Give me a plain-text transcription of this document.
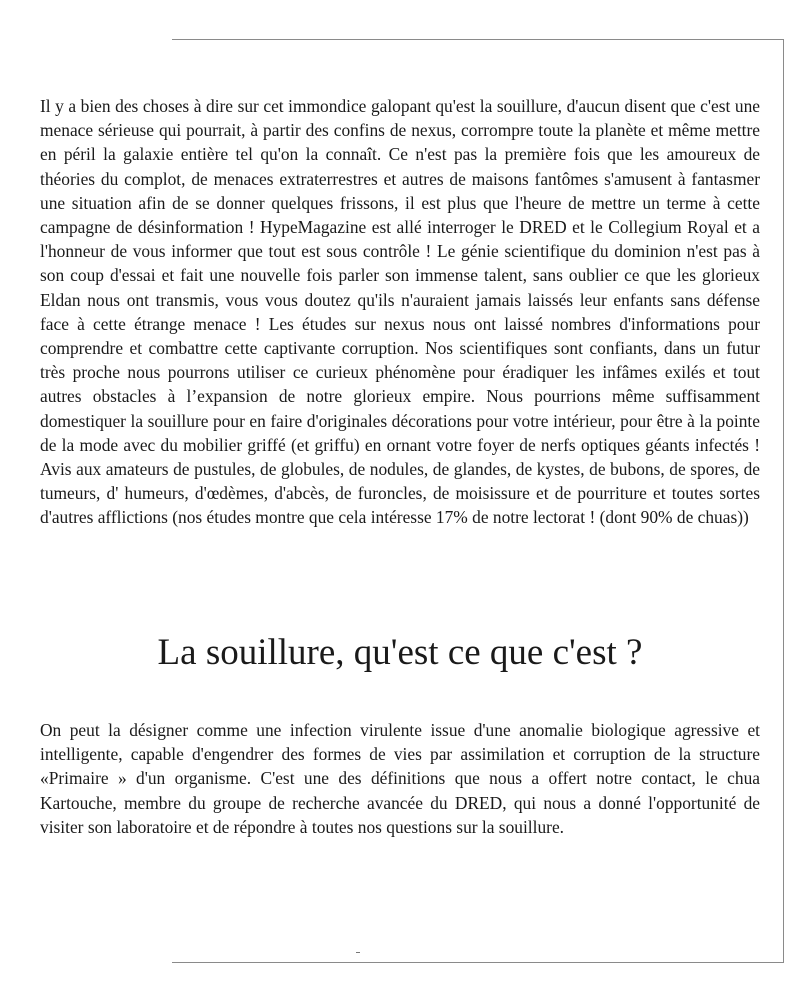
Il y a bien des choses à dire sur cet immondice galopant qu'est la souillure, d'aucun disent que c'est une menace sérieuse qui pourrait, à partir des confins de nexus, corrompre toute la planète et même mettre en péril la galaxie entière tel qu'on la connaît. Ce n'est pas la première fois que les amoureux de théories du complot, de menaces extraterrestres et autres de maisons fantômes s'amusent à fantasmer une situation afin de se donner quelques frissons, il est plus que l'heure de mettre un terme à cette campagne de désinformation ! HypeMagazine est allé interroger le DRED et le Collegium Royal et a l'honneur de vous informer que tout est sous contrôle ! Le génie scientifique du dominion n'est pas à son coup d'essai et fait une nouvelle fois parler son immense talent, sans oublier ce que les glorieux Eldan nous ont transmis, vous vous doutez qu'ils n'auraient jamais laissés leur enfants sans défense face à cette étrange menace ! Les études sur nexus nous ont laissé nombres d'informations pour comprendre et combattre cette captivante corruption. Nos scientifiques sont confiants, dans un futur très proche nous pourrons utiliser ce curieux phénomène pour éradiquer les infâmes exilés et tout autres obstacles à l’expansion de notre glorieux empire. Nous pourrions même suffisamment domestiquer la souillure pour en faire d'originales décorations pour votre intérieur, pour être à la pointe de la mode avec du mobilier griffé (et griffu) en ornant votre foyer de nerfs optiques géants infectés ! Avis aux amateurs de pustules, de globules, de nodules, de glandes, de kystes, de bubons, de spores, de tumeurs, d' humeurs, d'œdèmes, d'abcès, de furoncles, de moisissure et de pourriture et toutes sortes d'autres afflictions (nos études montre que cela intéresse 17% de notre lectorat ! (dont 90% de chuas))

La souillure, qu'est ce que c'est ?

On peut la désigner comme une infection virulente issue d'une anomalie biologique agressive et intelligente, capable d'engendrer des formes de vies par assimilation et corruption de la structure «Primaire » d'un organisme. C'est une des définitions que nous a offert notre contact, le chua Kartouche, membre du groupe de recherche avancée du DRED, qui nous a donné l'opportunité de visiter son laboratoire et de répondre à toutes nos questions sur la souillure.
